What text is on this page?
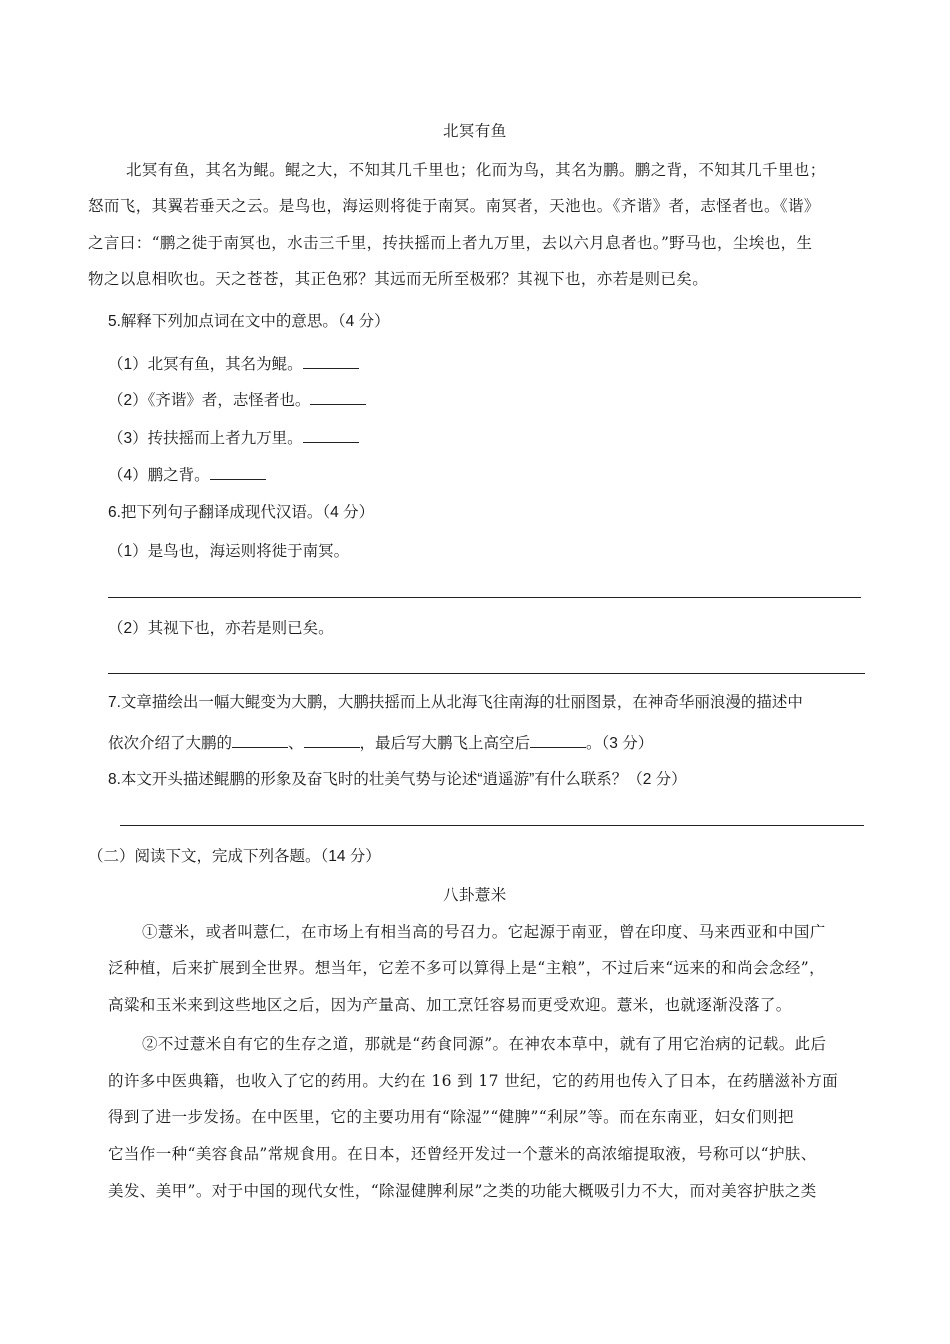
北冥有鱼
北冥有鱼，其名为鲲。鲲之大，不知其几千里也；化而为鸟，其名为鹏。鹏之背，不知其几千里也；
怒而飞，其翼若垂天之云。是鸟也，海运则将徙于南冥。南冥者，天池也。《齐谐》者，志怪者也。《谐》
之言曰：“鹏之徙于南冥也，水击三千里，抟扶摇而上者九万里，去以六月息者也。”野马也，尘埃也，生
物之以息相吹也。天之苍苍，其正色邪？其远而无所至极邪？其视下也，亦若是则已矣。
5.解释下列加点词在文中的意思。（4 分）
（1）北冥有鱼，其名为鲲。
（2）《齐谐》者，志怪者也。
（3）抟扶摇而上者九万里。
（4）鹏之背。
6.把下列句子翻译成现代汉语。（4 分）
（1）是鸟也，海运则将徙于南冥。
（2）其视下也，亦若是则已矣。
7.文章描绘出一幅大鲲变为大鹏，大鹏扶摇而上从北海飞往南海的壮丽图景，在神奇华丽浪漫的描述中
依次介绍了大鹏的	、	，最后写大鹏飞上高空后	。（3 分）
8.本文开头描述鲲鹏的形象及奋飞时的壮美气势与论述“逍遥游”有什么联系？（2 分）
（二）阅读下文，完成下列各题。（14 分）
八卦薏米
①薏米，或者叫薏仁，在市场上有相当高的号召力。它起源于南亚，曾在印度、马来西亚和中国广
泛种植，后来扩展到全世界。想当年，它差不多可以算得上是“主粮”，不过后来“远来的和尚会念经”，
高粱和玉米来到这些地区之后，因为产量高、加工烹饪容易而更受欢迎。薏米，也就逐渐没落了。
②不过薏米自有它的生存之道，那就是“药食同源”。在神农本草中，就有了用它治病的记载。此后
的许多中医典籍，也收入了它的药用。大约在 16 到 17 世纪，它的药用也传入了日本，在药膳滋补方面
得到了进一步发扬。在中医里，它的主要功用有“除湿”“健脾”“利尿”等。而在东南亚，妇女们则把
它当作一种“美容食品”常规食用。在日本，还曾经开发过一个薏米的高浓缩提取液，号称可以“护肤、
美发、美甲”。对于中国的现代女性，“除湿健脾利尿”之类的功能大概吸引力不大，而对美容护肤之类
